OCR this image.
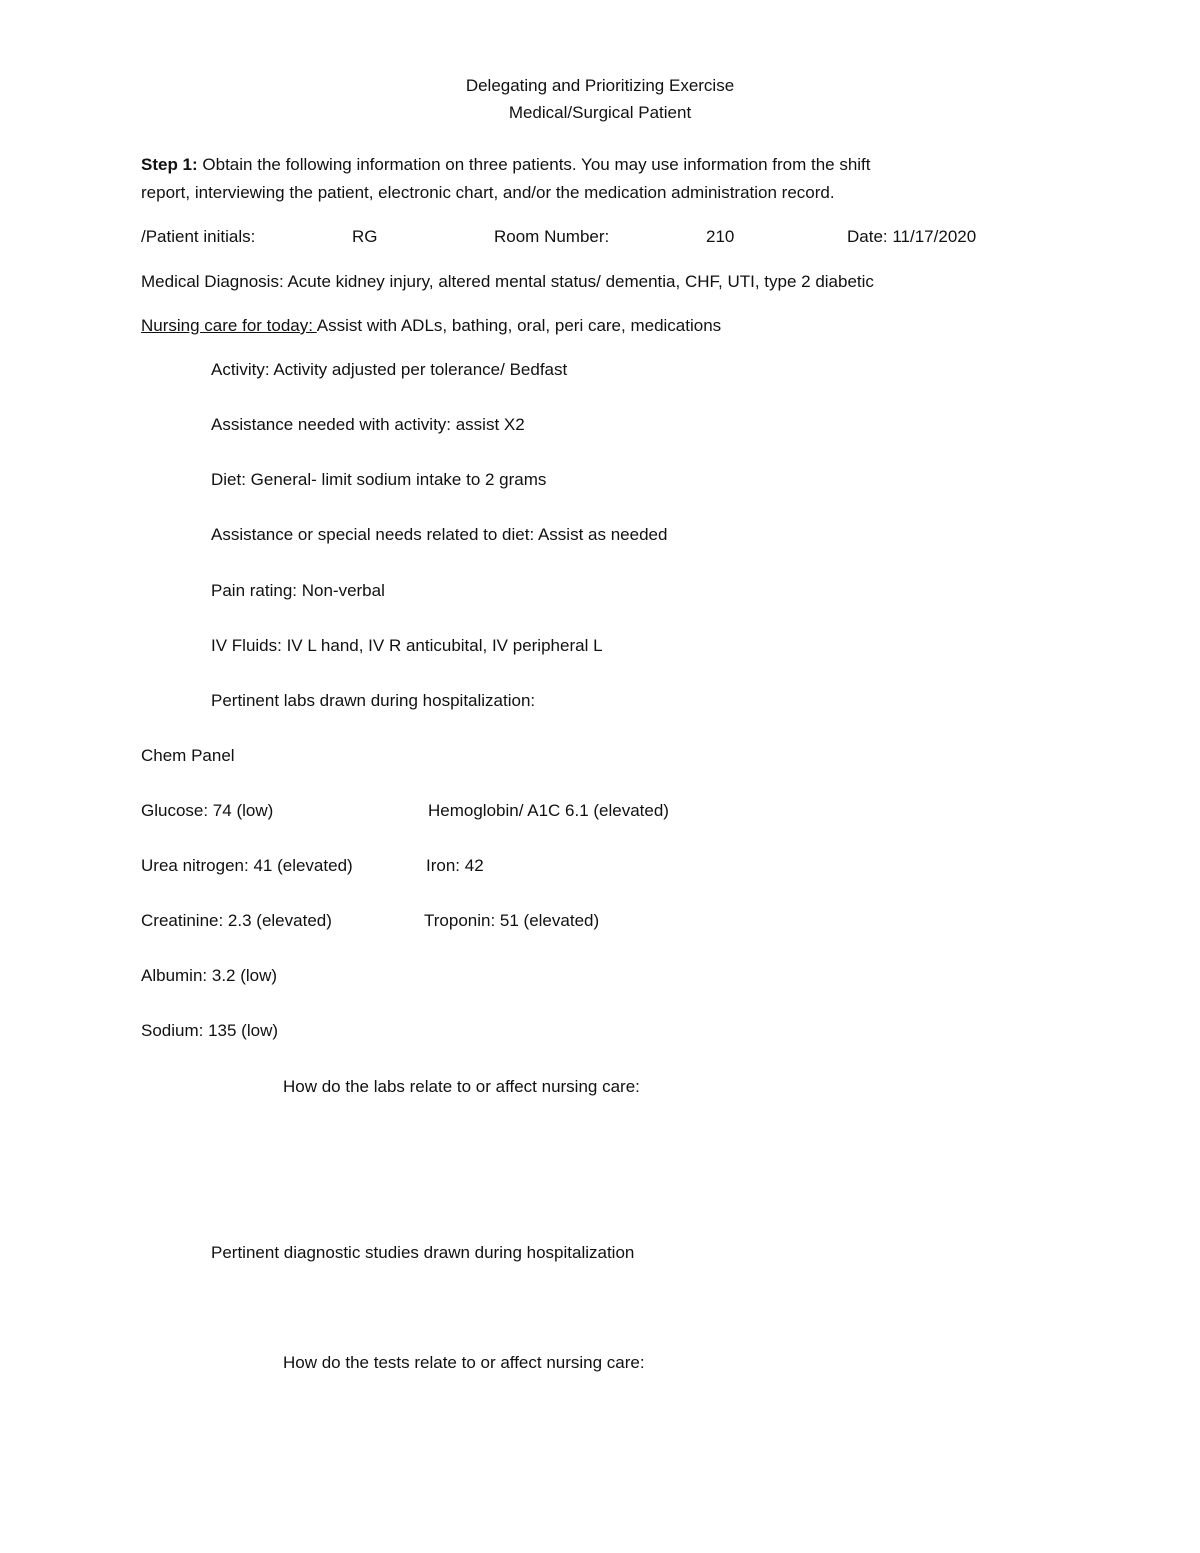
Delegating and Prioritizing Exercise
Medical/Surgical Patient
Step 1: Obtain the following information on three patients. You may use information from the shift
report, interviewing the patient, electronic chart, and/or the medication administration record.
/Patient initials:	RG	Room Number:	210	Date: 11/17/2020
Medical Diagnosis: Acute kidney injury, altered mental status/ dementia, CHF, UTI, type 2 diabetic
Nursing care for today: Assist with ADLs, bathing, oral, peri care, medications
Activity: Activity adjusted per tolerance/ Bedfast
Assistance needed with activity: assist X2
Diet: General- limit sodium intake to 2 grams
Assistance or special needs related to diet: Assist as needed
Pain rating: Non-verbal
IV Fluids: IV L hand, IV R anticubital, IV peripheral L
Pertinent labs drawn during hospitalization:
Chem Panel
Glucose: 74 (low)	Hemoglobin/ A1C 6.1 (elevated)
Urea nitrogen: 41 (elevated)	Iron: 42
Creatinine: 2.3 (elevated)	Troponin: 51 (elevated)
Albumin: 3.2 (low)
Sodium: 135 (low)
How do the labs relate to or affect nursing care:
Pertinent diagnostic studies drawn during hospitalization
How do the tests relate to or affect nursing care:
